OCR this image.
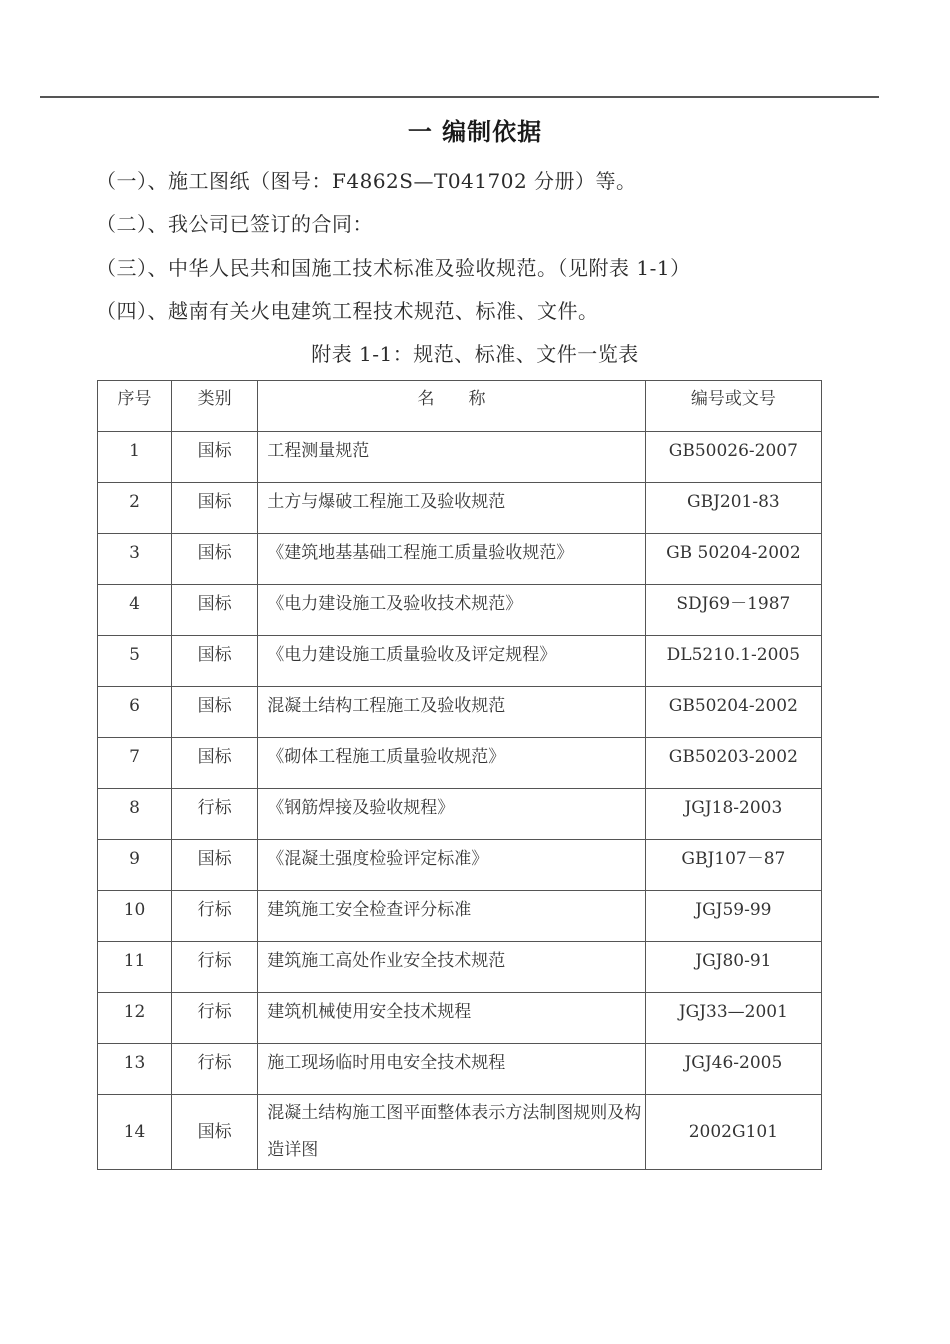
一 编制依据
（一）、施工图纸（图号：F4862S—T041702 分册）等。
（二）、我公司已签订的合同：
（三）、中华人民共和国施工技术标准及验收规范。（见附表 1-1）
（四）、越南有关火电建筑工程技术规范、标准、文件。
附表 1-1：规范、标准、文件一览表
序号	类别	名　　称	编号或文号
1	国标	工程测量规范	GB50026-2007
2	国标	土方与爆破工程施工及验收规范	GBJ201-83
3	国标	《建筑地基基础工程施工质量验收规范》	GB 50204-2002
4	国标	《电力建设施工及验收技术规范》	SDJ69－1987
5	国标	《电力建设施工质量验收及评定规程》	DL5210.1-2005
6	国标	混凝土结构工程施工及验收规范	GB50204-2002
7	国标	《砌体工程施工质量验收规范》	GB50203-2002
8	行标	《钢筋焊接及验收规程》	JGJ18-2003
9	国标	《混凝土强度检验评定标准》	GBJ107－87
10	行标	建筑施工安全检查评分标准	JGJ59-99
11	行标	建筑施工高处作业安全技术规范	JGJ80-91
12	行标	建筑机械使用安全技术规程	JGJ33—2001
13	行标	施工现场临时用电安全技术规程	JGJ46-2005
14	国标	混凝土结构施工图平面整体表示方法制图规则及构造详图	2002G101
